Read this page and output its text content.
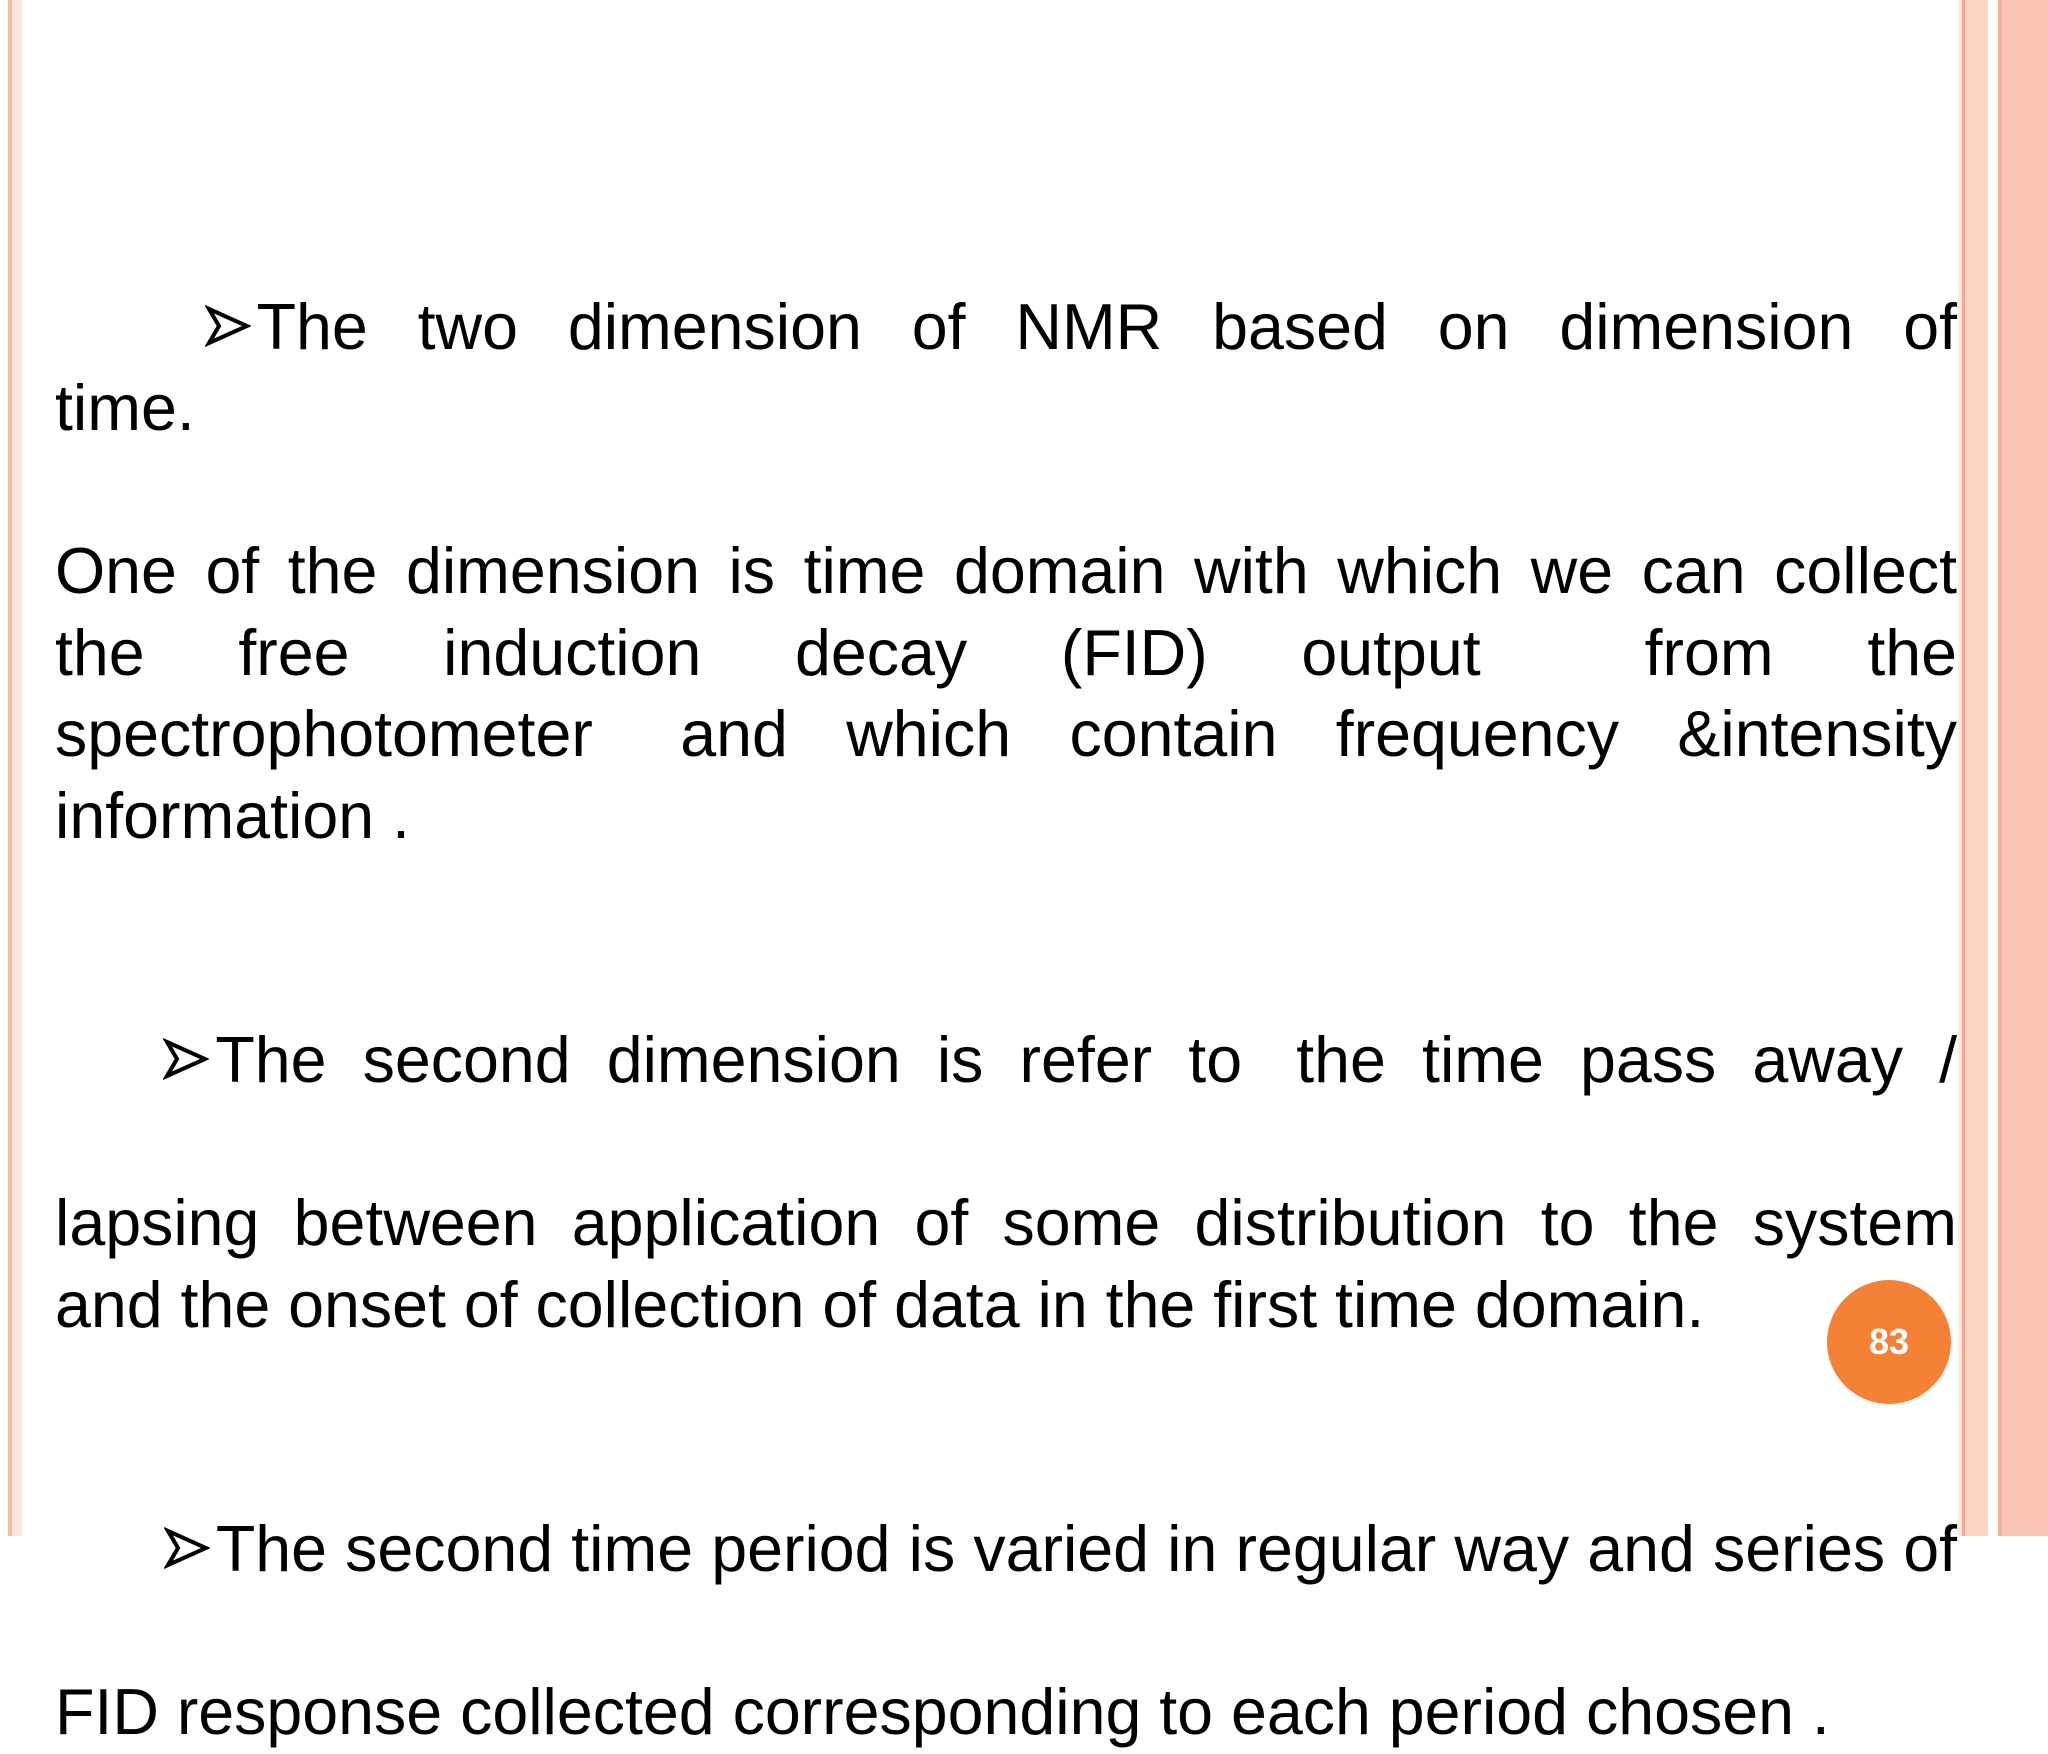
The  two  dimension  of  NMR  based  on  dimension  of   time.

One of the dimension is time domain with which we can collect
the    free    induction    decay    (FID)    output       from    the
spectrophotometer   and  which  contain  frequency  &intensity
information .

The  second  dimension  is  refer  to   the  time  pass  away  /

lapsing between application of some distribution to the system
and the onset of collection of data in the first time domain.

The second time period is varied in regular way and series of

FID response collected corresponding to each period chosen .
83
